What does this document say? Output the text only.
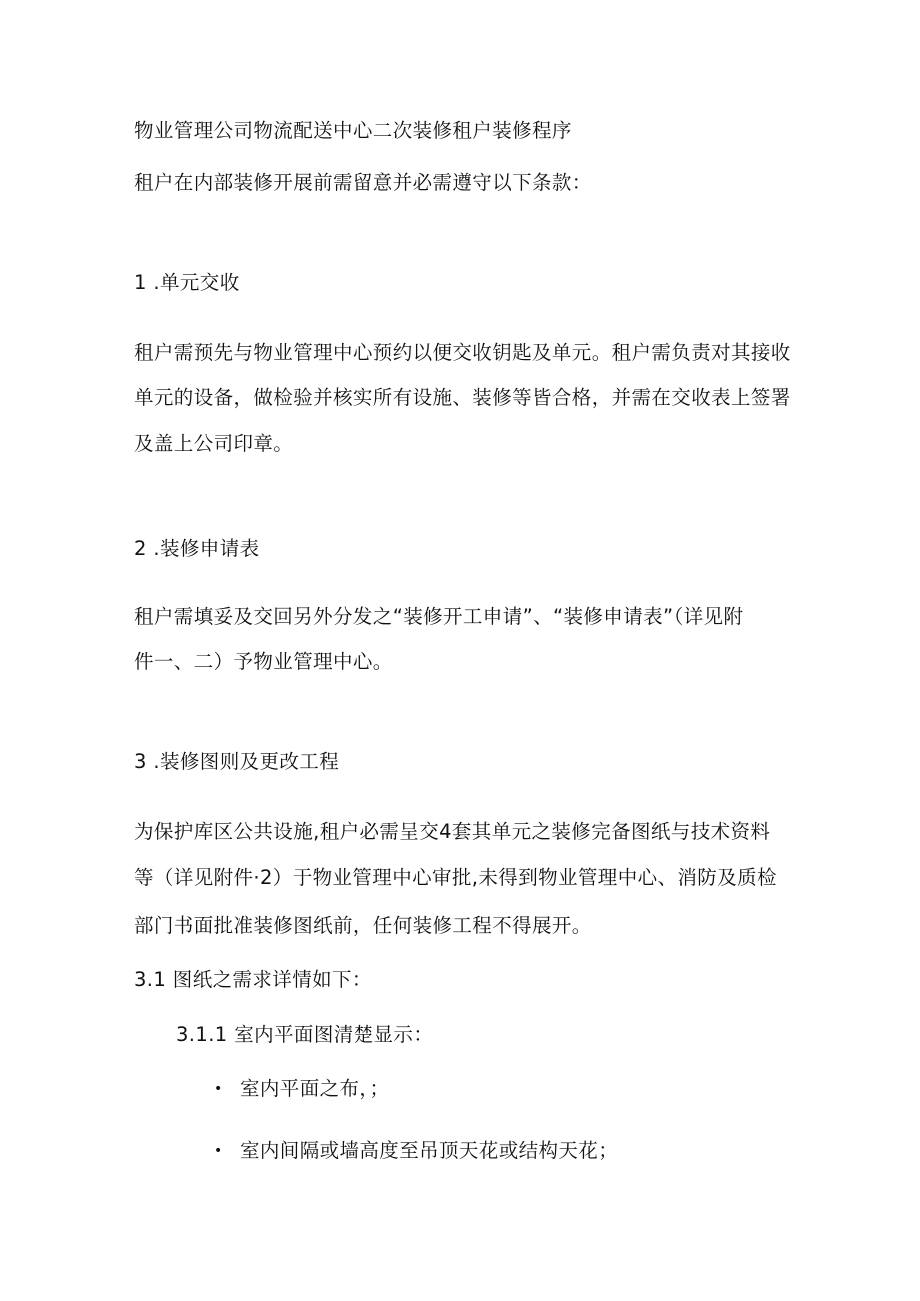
物业管理公司物流配送中心二次装修租户装修程序
租户在内部装修开展前需留意并必需遵守以下条款：
1 .单元交收
租户需预先与物业管理中心预约以便交收钥匙及单元。租户需负责对其接收
单元的设备，做检验并核实所有设施、装修等皆合格，并需在交收表上签署
及盖上公司印章。
2 .装修申请表
租户需填妥及交回另外分发之“装修开工申请”、“装修申请表”（详见附
件一、二）予物业管理中心。
3 .装修图则及更改工程
为保护库区公共设施,租户必需呈交4套其单元之装修完备图纸与技术资料
等（详见附件·2）于物业管理中心审批,未得到物业管理中心、消防及质检
部门书面批准装修图纸前，任何装修工程不得展开。
3.1 图纸之需求详情如下：
3.1.1 室内平面图清楚显示：
• 室内平面之布，；
• 室内间隔或墙高度至吊顶天花或结构天花；
